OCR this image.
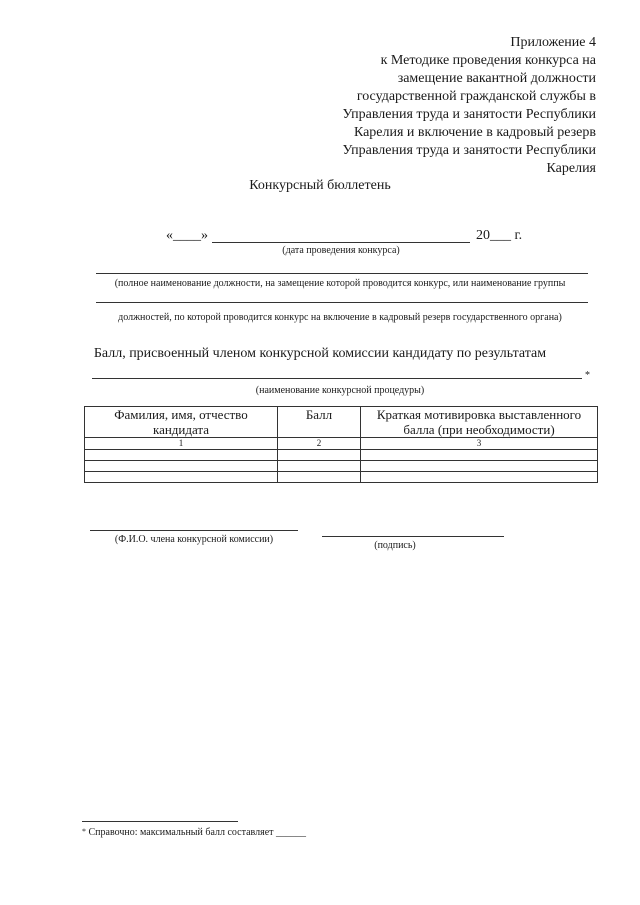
Приложение 4
к Методике проведения конкурса на
замещение вакантной должности
государственной гражданской службы в
Управления труда и занятости Республики
Карелия и включение в кадровый резерв
Управления труда и занятости Республики
Карелия
Конкурсный бюллетень
«____»	20___ г.
(дата проведения конкурса)
(полное наименование должности, на замещение которой проводится конкурс, или наименование группы
должностей, по которой проводится конкурс на включение в кадровый резерв государственного органа)
Балл, присвоенный членом конкурсной комиссии кандидату по результатам
*
(наименование конкурсной процедуры)
Фамилия, имя, отчество кандидата	Балл	Краткая мотивировка выставленного балла (при необходимости)
1	2	3

(Ф.И.О. члена конкурсной комиссии)
(подпись)
* Справочно: максимальный балл составляет ______
